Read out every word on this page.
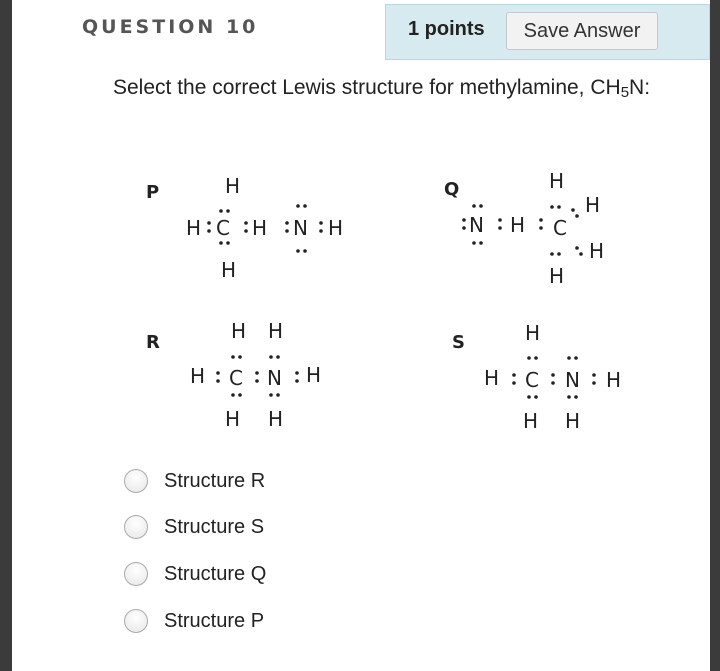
QUESTION 10	1 points	Save Answer
Select the correct Lewis structure for methylamine, $CH_5N$:
P	H
H C H N H
H
Q	H
H
N H C
H
H
R	H H
H C N H
H H
S	H
H C N H
H H
Structure R
Structure S
Structure Q
Structure P
